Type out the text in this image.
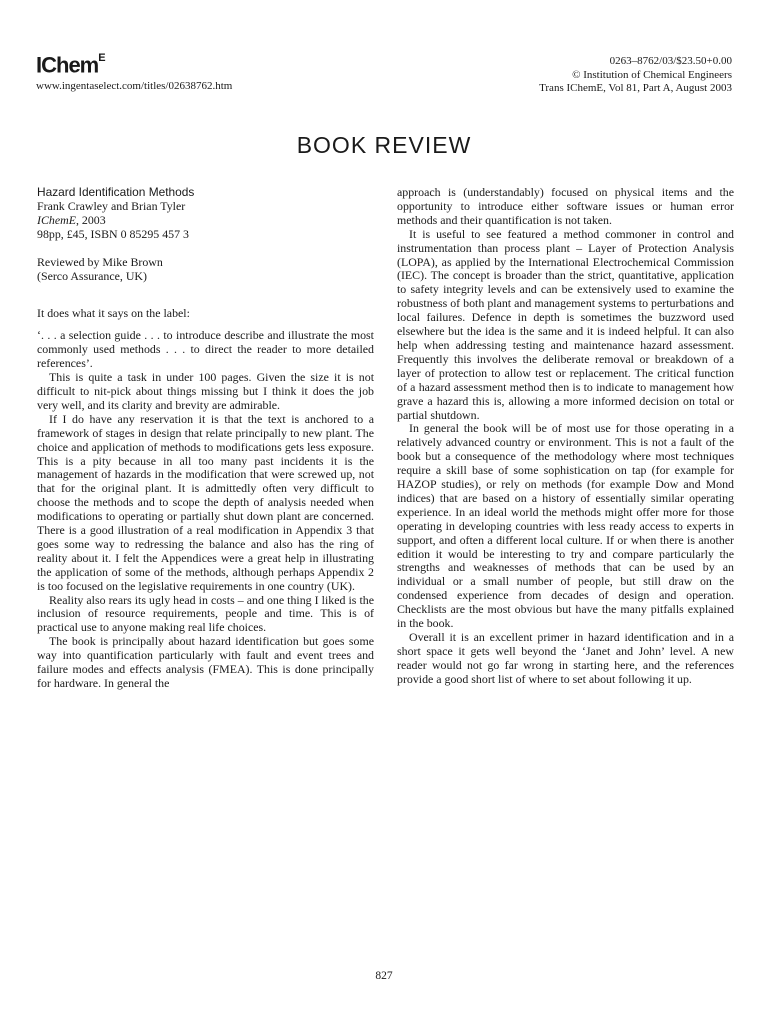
IChem$^E$
www.ingentaselect.com/titles/02638762.htm
0263–8762/03/$23.50+0.00
© Institution of Chemical Engineers
Trans IChemE, Vol 81, Part A, August 2003
BOOK REVIEW
Hazard Identification Methods
Frank Crawley and Brian Tyler
IChemE, 2003
98pp, £45, ISBN 0 85295 457 3
Reviewed by Mike Brown
(Serco Assurance, UK)

It does what it says on the label:

‘. . . a selection guide . . . to introduce describe and illustrate the most commonly used methods . . . to direct the reader to more detailed references’.

This is quite a task in under 100 pages. Given the size it is not difficult to nit-pick about things missing but I think it does the job very well, and its clarity and brevity are admirable.

If I do have any reservation it is that the text is anchored to a framework of stages in design that relate principally to new plant. The choice and application of methods to modifications gets less exposure. This is a pity because in all too many past incidents it is the management of hazards in the modification that were screwed up, not that for the original plant. It is admittedly often very difficult to choose the methods and to scope the depth of analysis needed when modifications to operating or partially shut down plant are concerned. There is a good illustration of a real modification in Appendix 3 that goes some way to redressing the balance and also has the ring of reality about it. I felt the Appendices were a great help in illustrating the application of some of the methods, although perhaps Appendix 2 is too focused on the legislative requirements in one country (UK).

Reality also rears its ugly head in costs – and one thing I liked is the inclusion of resource requirements, people and time. This is of practical use to anyone making real life choices.

The book is principally about hazard identification but goes some way into quantification particularly with fault and event trees and failure modes and effects analysis (FMEA). This is done principally for hardware. In general the

approach is (understandably) focused on physical items and the opportunity to introduce either software issues or human error methods and their quantification is not taken.

It is useful to see featured a method commoner in control and instrumentation than process plant – Layer of Protection Analysis (LOPA), as applied by the International Electrochemical Commission (IEC). The concept is broader than the strict, quantitative, application to safety integrity levels and can be extensively used to examine the robustness of both plant and management systems to perturbations and local failures. Defence in depth is sometimes the buzzword used elsewhere but the idea is the same and it is indeed helpful. It can also help when addressing testing and maintenance hazard assessment. Frequently this involves the deliberate removal or breakdown of a layer of protection to allow test or replacement. The critical function of a hazard assessment method then is to indicate to management how grave a hazard this is, allowing a more informed decision on total or partial shutdown.

In general the book will be of most use for those operating in a relatively advanced country or environment. This is not a fault of the book but a consequence of the methodology where most techniques require a skill base of some sophistication on tap (for example for HAZOP studies), or rely on methods (for example Dow and Mond indices) that are based on a history of essentially similar operating experience. In an ideal world the methods might offer more for those operating in developing countries with less ready access to experts in support, and often a different local culture. If or when there is another edition it would be interesting to try and compare particularly the strengths and weaknesses of methods that can be used by an individual or a small number of people, but still draw on the condensed experience from decades of design and operation. Checklists are the most obvious but have the many pitfalls explained in the book.

Overall it is an excellent primer in hazard identification and in a short space it gets well beyond the ‘Janet and John’ level. A new reader would not go far wrong in starting here, and the references provide a good short list of where to set about following it up.

827
